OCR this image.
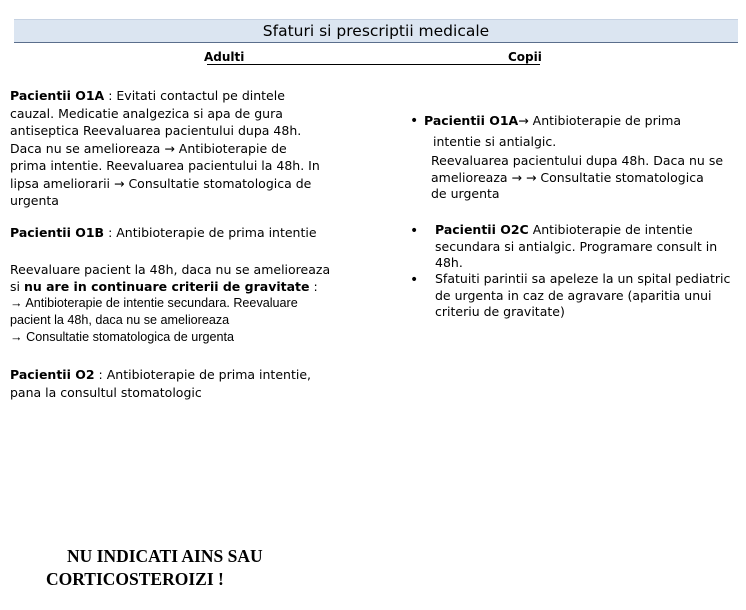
Sfaturi si prescriptii medicale
Adulti	Copii
Pacientii O1A : Evitati contactul pe dintele
cauzal. Medicatie analgezica si apa de gura
antiseptica Reevaluarea pacientului dupa 48h.
Daca nu se amelioreaza → Antibioterapie de
prima intentie. Reevaluarea pacientului la 48h. In
lipsa ameliorarii → Consultatie stomatologica de
urgenta
Pacientii O1B : Antibioterapie de prima intentie
Reevaluare pacient la 48h, daca nu se amelioreaza
si nu are in continuare criterii de gravitate :
→ Antibioterapie de intentie secundara. Reevaluare
pacient la 48h, daca nu se amelioreaza
→ Consultatie stomatologica de urgenta
Pacientii O2 : Antibioterapie de prima intentie,
pana la consultul stomatologic
• Pacientii O1A→ Antibioterapie de prima
intentie si antialgic.
Reevaluarea pacientului dupa 48h. Daca nu se
amelioreaza → → Consultatie stomatologica
de urgenta
• Pacientii O2C Antibioterapie de intentie
secundara si antialgic. Programare consult in
48h.
• Sfatuiti parintii sa apeleze la un spital pediatric
de urgenta in caz de agravare (aparitia unui
criteriu de gravitate)
NU INDICATI AINS SAU
CORTICOSTEROIZI !
